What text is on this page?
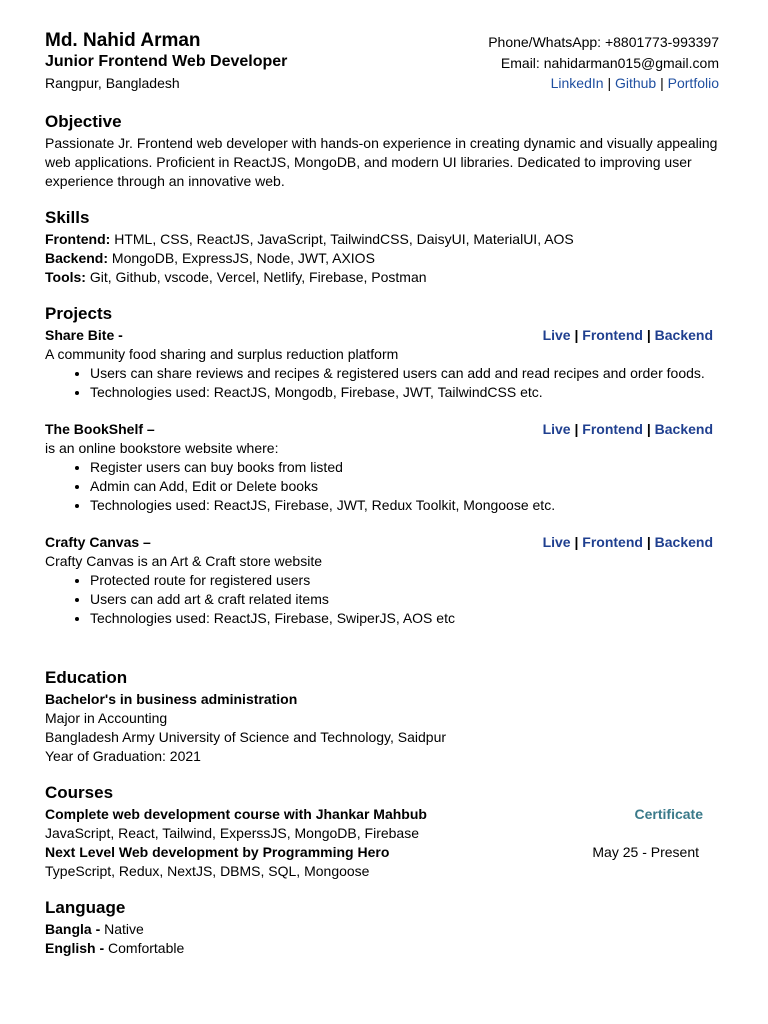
Md. Nahid Arman
Junior Frontend Web Developer
Rangpur, Bangladesh
Phone/WhatsApp: +8801773-993397
Email: nahidarman015@gmail.com
LinkedIn | Github | Portfolio
Objective
Passionate Jr. Frontend web developer with hands-on experience in creating dynamic and visually appealing web applications. Proficient in ReactJS, MongoDB, and modern UI libraries. Dedicated to improving user experience through an innovative web.
Skills
Frontend: HTML, CSS, ReactJS, JavaScript, TailwindCSS, DaisyUI, MaterialUI, AOS
Backend: MongoDB, ExpressJS, Node, JWT, AXIOS
Tools: Git, Github, vscode, Vercel, Netlify, Firebase, Postman
Projects
Share Bite -	Live | Frontend | Backend
A community food sharing and surplus reduction platform
• Users can share reviews and recipes & registered users can add and read recipes and order foods.
• Technologies used: ReactJS, Mongodb, Firebase, JWT, TailwindCSS etc.
The BookShelf –	Live | Frontend | Backend
is an online bookstore website where:
• Register users can buy books from listed
• Admin can Add, Edit or Delete books
• Technologies used: ReactJS, Firebase, JWT, Redux Toolkit, Mongoose etc.
Crafty Canvas –	Live | Frontend | Backend
Crafty Canvas is an Art & Craft store website
• Protected route for registered users
• Users can add art & craft related items
• Technologies used: ReactJS, Firebase, SwiperJS, AOS etc
Education
Bachelor's in business administration
Major in Accounting
Bangladesh Army University of Science and Technology, Saidpur
Year of Graduation: 2021
Courses
Complete web development course with Jhankar Mahbub	Certificate
JavaScript, React, Tailwind, ExperssJS, MongoDB, Firebase
Next Level Web development by Programming Hero	May 25 - Present
TypeScript, Redux, NextJS, DBMS, SQL, Mongoose
Language
Bangla - Native
English - Comfortable
